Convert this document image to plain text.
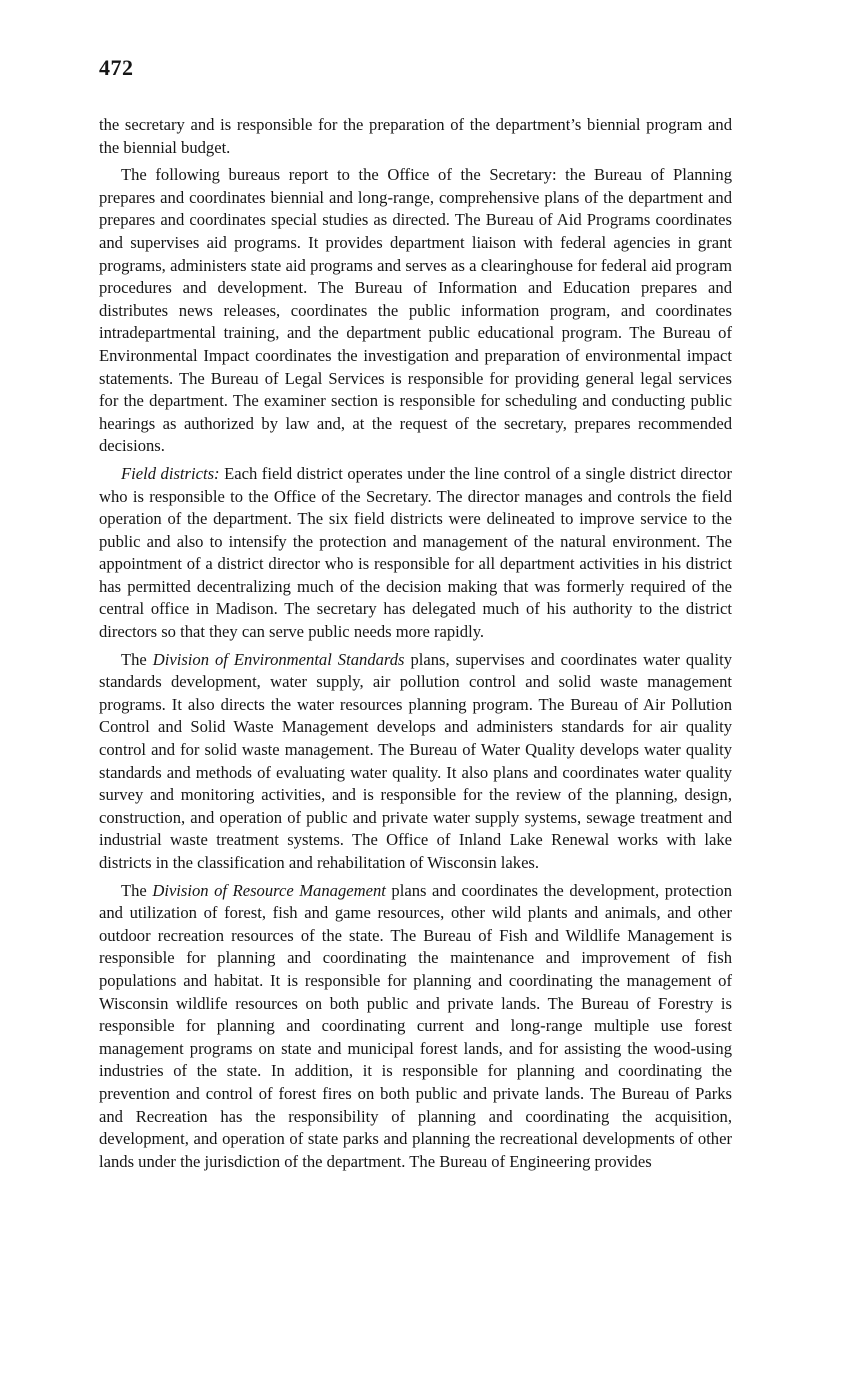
472

the secretary and is responsible for the preparation of the department’s biennial program and the biennial budget.

The following bureaus report to the Office of the Secretary: the Bureau of Planning prepares and coordinates biennial and long-range, comprehensive plans of the department and prepares and coordinates special studies as directed. The Bureau of Aid Programs coordinates and supervises aid programs. It provides department liaison with federal agencies in grant programs, administers state aid programs and serves as a clearinghouse for federal aid program procedures and development. The Bureau of Information and Education prepares and distributes news releases, coordinates the public information program, and coordinates intradepartmental training, and the department public educational program. The Bureau of Environmental Impact coordinates the investigation and preparation of environmental impact statements. The Bureau of Legal Services is responsible for providing general legal services for the department. The examiner section is responsible for scheduling and conducting public hearings as authorized by law and, at the request of the secretary, prepares recommended decisions.

Field districts: Each field district operates under the line control of a single district director who is responsible to the Office of the Secretary. The director manages and controls the field operation of the department. The six field districts were delineated to improve service to the public and also to intensify the protection and management of the natural environment. The appointment of a district director who is responsible for all department activities in his district has permitted decentralizing much of the decision making that was formerly required of the central office in Madison. The secretary has delegated much of his authority to the district directors so that they can serve public needs more rapidly.

The Division of Environmental Standards plans, supervises and coordinates water quality standards development, water supply, air pollution control and solid waste management programs. It also directs the water resources planning program. The Bureau of Air Pollution Control and Solid Waste Management develops and administers standards for air quality control and for solid waste management. The Bureau of Water Quality develops water quality standards and methods of evaluating water quality. It also plans and coordinates water quality survey and monitoring activities, and is responsible for the review of the planning, design, construction, and operation of public and private water supply systems, sewage treatment and industrial waste treatment systems. The Office of Inland Lake Renewal works with lake districts in the classification and rehabilitation of Wisconsin lakes.

The Division of Resource Management plans and coordinates the development, protection and utilization of forest, fish and game resources, other wild plants and animals, and other outdoor recreation resources of the state. The Bureau of Fish and Wildlife Management is responsible for planning and coordinating the maintenance and improvement of fish populations and habitat. It is responsible for planning and coordinating the management of Wisconsin wildlife resources on both public and private lands. The Bureau of Forestry is responsible for planning and coordinating current and long-range multiple use forest management programs on state and municipal forest lands, and for assisting the wood-using industries of the state. In addition, it is responsible for planning and coordinating the prevention and control of forest fires on both public and private lands. The Bureau of Parks and Recreation has the responsibility of planning and coordinating the acquisition, development, and operation of state parks and planning the recreational developments of other lands under the jurisdiction of the department. The Bureau of Engineering provides
